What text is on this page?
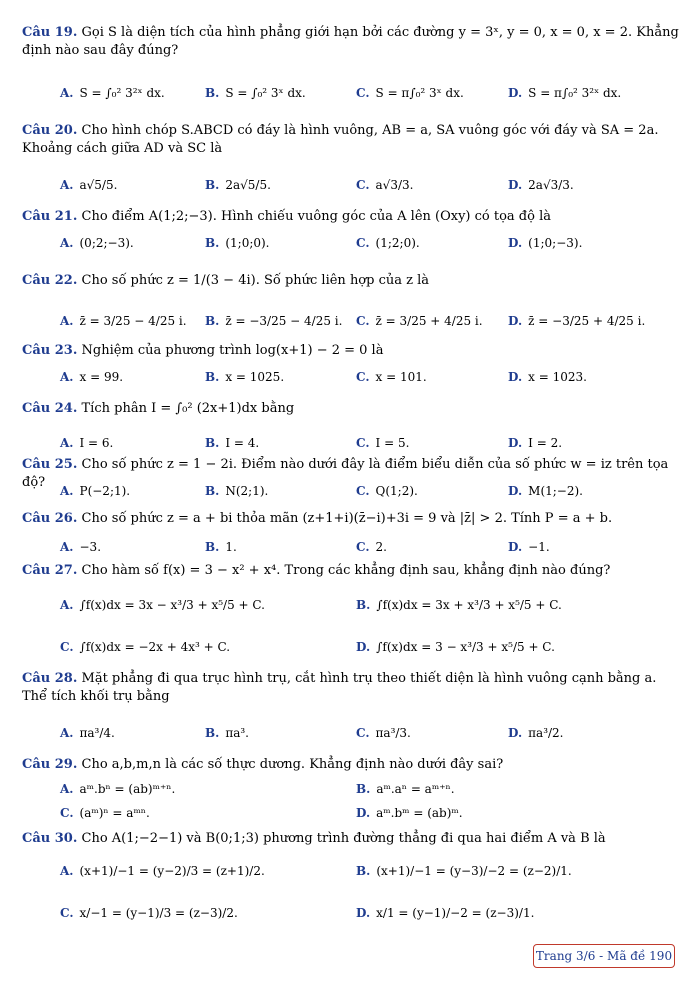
Câu 19. Gọi S là diện tích của hình phẳng giới hạn bởi các đường y = 3ˣ, y = 0, x = 0, x = 2. Khẳng định nào sau đây đúng?
A. S = ∫₀² 3²ˣ dx.	B. S = ∫₀² 3ˣ dx.	C. S = π∫₀² 3ˣ dx.	D. S = π∫₀² 3²ˣ dx.
Câu 20. Cho hình chóp S.ABCD có đáy là hình vuông, AB = a, SA vuông góc với đáy và SA = 2a. Khoảng cách giữa AD và SC là
A. a√5/5.	B. 2a√5/5.	C. a√3/3.	D. 2a√3/3.
Câu 21. Cho điểm A(1;2;−3). Hình chiếu vuông góc của A lên (Oxy) có tọa độ là
A. (0;2;−3).	B. (1;0;0).	C. (1;2;0).	D. (1;0;−3).
Câu 22. Cho số phức z = 1/(3 − 4i). Số phức liên hợp của z là
A. z̄ = 3/25 − 4/25 i. B. z̄ = −3/25 − 4/25 i. C. z̄ = 3/25 + 4/25 i. D. z̄ = −3/25 + 4/25 i.
Câu 23. Nghiệm của phương trình log(x+1) − 2 = 0 là
A. x = 99.	B. x = 1025.	C. x = 101.	D. x = 1023.
Câu 24. Tích phân I = ∫₀² (2x+1)dx bằng
A. I = 6.	B. I = 4.	C. I = 5.	D. I = 2.
Câu 25. Cho số phức z = 1 − 2i. Điểm nào dưới đây là điểm biểu diễn của số phức w = iz trên tọa độ?
A. P(−2;1).	B. N(2;1).	C. Q(1;2).	D. M(1;−2).
Câu 26. Cho số phức z = a + bi thỏa mãn (z+1+i)(z̄−i)+3i = 9 và |z̄| > 2. Tính P = a + b.
A. −3.	B. 1.	C. 2.	D. −1.
Câu 27. Cho hàm số f(x) = 3 − x² + x⁴. Trong các khẳng định sau, khẳng định nào đúng?
A. ∫f(x)dx = 3x − x³/3 + x⁵/5 + C.	B. ∫f(x)dx = 3x + x³/3 + x⁵/5 + C.
C. ∫f(x)dx = −2x + 4x³ + C.	D. ∫f(x)dx = 3 − x³/3 + x⁵/5 + C.
Câu 28. Mặt phẳng đi qua trục hình trụ, cắt hình trụ theo thiết diện là hình vuông cạnh bằng a. Thể tích khối trụ bằng
A. πa³/4.	B. πa³.	C. πa³/3.	D. πa³/2.
Câu 29. Cho a,b,m,n là các số thực dương. Khẳng định nào dưới đây sai?
A. aᵐ.bⁿ = (ab)ᵐ⁺ⁿ.	B. aᵐ.aⁿ = aᵐ⁺ⁿ.
C. (aᵐ)ⁿ = aᵐⁿ.	D. aᵐ.bᵐ = (ab)ᵐ.
Câu 30. Cho A(1;−2−1) và B(0;1;3) phương trình đường thẳng đi qua hai điểm A và B là
A. (x+1)/−1 = (y−2)/3 = (z+1)/2.	B. (x+1)/−1 = (y−3)/−2 = (z−2)/1.
C. x/−1 = (y−1)/3 = (z−3)/2.	D. x/1 = (y−1)/−2 = (z−3)/1.
Trang 3/6 - Mã đề 190
